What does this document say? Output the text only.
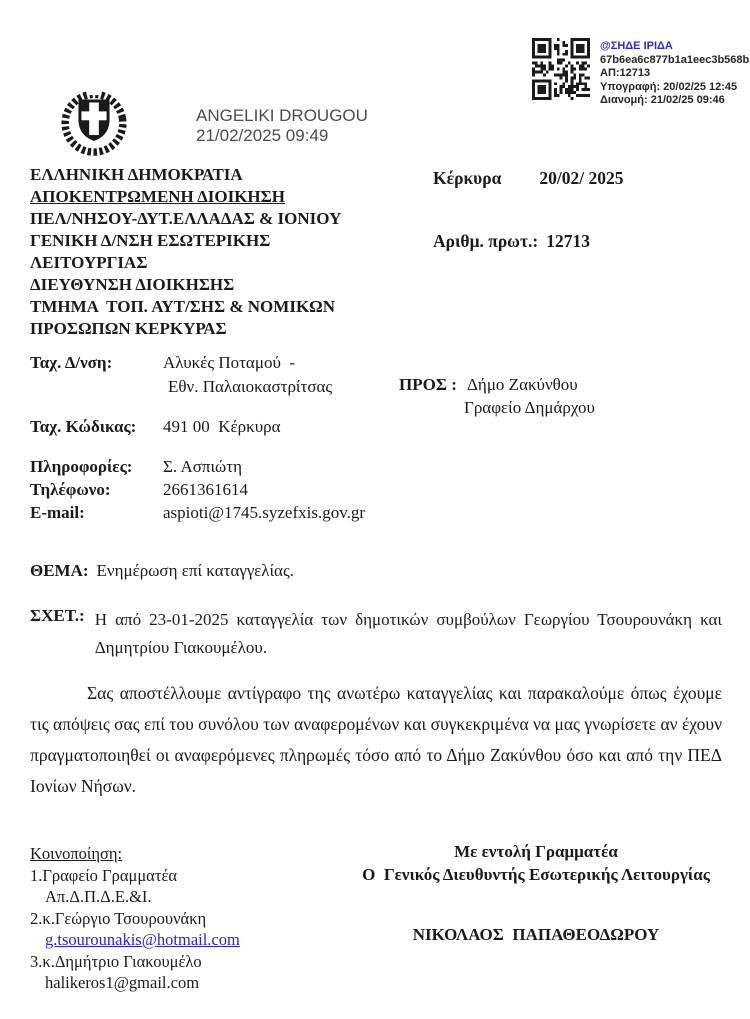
@ΣΗΔΕ ΙΡΙΔΑ
67b6ea6c877b1a1eec3b568b
ΑΠ:12713
Υπογραφή: 20/02/25 12:45
Διανομή: 21/02/25 09:46
ANGELIKI DROUGOU
21/02/2025 09:49
ΕΛΛΗΝΙΚΗ ΔΗΜΟΚΡΑΤΙΑ
ΑΠΟΚΕΝΤΡΩΜΕΝΗ ΔΙΟΙΚΗΣΗ
ΠΕΛ/ΝΗΣΟΥ-ΔΥΤ.ΕΛΛΑΔΑΣ & ΙΟΝΙΟΥ
ΓΕΝΙΚΗ Δ/ΝΣΗ ΕΣΩΤΕΡΙΚΗΣ
ΛΕΙΤΟΥΡΓΙΑΣ
ΔΙΕΥΘΥΝΣΗ ΔΙΟΙΚΗΣΗΣ
ΤΜΗΜΑ  ΤΟΠ. ΑΥΤ/ΣΗΣ & ΝΟΜΙΚΩΝ
ΠΡΟΣΩΠΩΝ ΚΕΡΚΥΡΑΣ
Κέρκυρα 20/02/ 2025
Αριθμ. πρωτ.: 12713
Ταχ. Δ/νση:	Αλυκές Ποταμού  -
Εθν. Παλαιοκαστρίτσας
Ταχ. Κώδικας: 491 00  Κέρκυρα
Πληροφορίες: Σ. Ασπιώτη
Τηλέφωνο:	2661361614
E-mail:	aspioti@1745.syzefxis.gov.gr
ΠΡΟΣ : Δήμο Ζακύνθου
Γραφείο Δημάρχου
ΘΕΜΑ: Ενημέρωση επί καταγγελίας.
ΣΧΕΤ.: Η από 23-01-2025 καταγγελία των δημοτικών συμβούλων Γεωργίου Τσουρουνάκη και Δημητρίου Γιακουμέλου.
Σας αποστέλλουμε αντίγραφο της ανωτέρω καταγγελίας και παρακαλούμε όπως έχουμε τις απόψεις σας επί του συνόλου των αναφερομένων και συγκεκριμένα να μας γνωρίσετε αν έχουν πραγματοποιηθεί οι αναφερόμενες πληρωμές τόσο από το Δήμο Ζακύνθου όσο και από την ΠΕΔ Ιονίων Νήσων.
Κοινοποίηση:
1.Γραφείο Γραμματέα
Απ.Δ.Π.Δ.Ε.&Ι.
2.κ.Γεώργιο Τσουρουνάκη
g.tsourounakis@hotmail.com
3.κ.Δημήτριο Γιακουμέλο
halikeros1@gmail.com
Με εντολή Γραμματέα
Ο  Γενικός Διευθυντής Εσωτερικής Λειτουργίας
ΝΙΚΟΛΑΟΣ  ΠΑΠΑΘΕΟΔΩΡΟΥ
